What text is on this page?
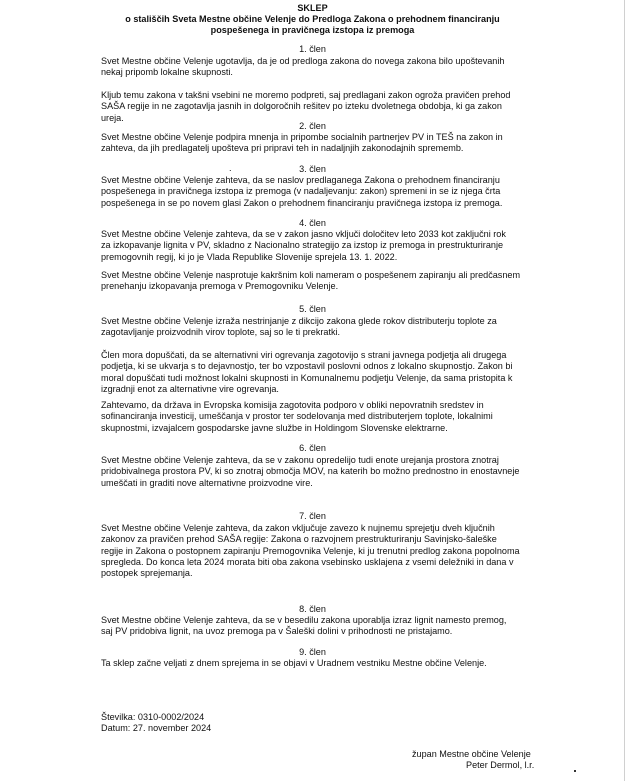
SKLEP
o stališčih Sveta Mestne občine Velenje do Predloga Zakona o prehodnem financiranju
pospešenega in pravičnega izstopa iz premoga
.
Številka: 0310-0002/2024
Datum: 27. november 2024
župan Mestne občine Velenje
Peter Dermol, l.r.
1. člen
Svet Mestne občine Velenje ugotavlja, da je od predloga zakona do novega zakona bilo upoštevanih
nekaj pripomb lokalne skupnosti.
Kljub temu zakona v takšni vsebini ne moremo podpreti, saj predlagani zakon ogroža pravičen prehod
SAŠA regije in ne zagotavlja jasnih in dolgoročnih rešitev po izteku dvoletnega obdobja, ki ga zakon
ureja.
2. člen
Svet Mestne občine Velenje podpira mnenja in pripombe socialnih partnerjev PV in TEŠ na zakon in
zahteva, da jih predlagatelj upošteva pri pripravi teh in nadaljnjih zakonodajnih sprememb.
3. člen
Svet Mestne občine Velenje zahteva, da se naslov predlaganega Zakona o prehodnem financiranju
pospešenega in pravičnega izstopa iz premoga (v nadaljevanju: zakon) spremeni in se iz njega črta
pospešenega in se po novem glasi Zakon o prehodnem financiranju pravičnega izstopa iz premoga.
4. člen
Svet Mestne občine Velenje zahteva, da se v zakon jasno vključi določitev leto 2033 kot zaključni rok
za izkopavanje lignita v PV, skladno z Nacionalno strategijo za izstop iz premoga in prestrukturiranje
premogovnih regij, ki jo je Vlada Republike Slovenije sprejela 13. 1. 2022.
Svet Mestne občine Velenje nasprotuje kakršnim koli nameram o pospešenem zapiranju ali predčasnem
prenehanju izkopavanja premoga v Premogovniku Velenje.
5. člen
Svet Mestne občine Velenje izraža nestrinjanje z dikcijo zakona glede rokov distributerju toplote za
zagotavljanje proizvodnih virov toplote, saj so le ti prekratki.
Člen mora dopuščati, da se alternativni viri ogrevanja zagotovijo s strani javnega podjetja ali drugega
podjetja, ki se ukvarja s to dejavnostjo, ter bo vzpostavil poslovni odnos z lokalno skupnostjo. Zakon bi
moral dopuščati tudi možnost lokalni skupnosti in Komunalnemu podjetju Velenje, da sama pristopita k
izgradnji enot za alternativne vire ogrevanja.
Zahtevamo, da država in Evropska komisija zagotovita podporo v obliki nepovratnih sredstev in
sofinanciranja investicij, umeščanja v prostor ter sodelovanja med distributerjem toplote, lokalnimi
skupnostmi, izvajalcem gospodarske javne službe in Holdingom Slovenske elektrarne.
6. člen
Svet Mestne občine Velenje zahteva, da se v zakonu opredelijo tudi enote urejanja prostora znotraj
pridobivalnega prostora PV, ki so znotraj območja MOV, na katerih bo možno prednostno in enostavneje
umeščati in graditi nove alternativne proizvodne vire.
7. člen
Svet Mestne občine Velenje zahteva, da zakon vključuje zavezo k nujnemu sprejetju dveh ključnih
zakonov za pravičen prehod SAŠA regije: Zakona o razvojnem prestrukturiranju Savinjsko-šaleške
regije in Zakona o postopnem zapiranju Premogovnika Velenje, ki ju trenutni predlog zakona popolnoma
spregleda. Do konca leta 2024 morata biti oba zakona vsebinsko usklajena z vsemi deležniki in dana v
postopek sprejemanja.
8. člen
Svet Mestne občine Velenje zahteva, da se v besedilu zakona uporablja izraz lignit namesto premog,
saj PV pridobiva lignit, na uvoz premoga pa v Šaleški dolini v prihodnosti ne pristajamo.
9. člen
Ta sklep začne veljati z dnem sprejema in se objavi v Uradnem vestniku Mestne občine Velenje.
